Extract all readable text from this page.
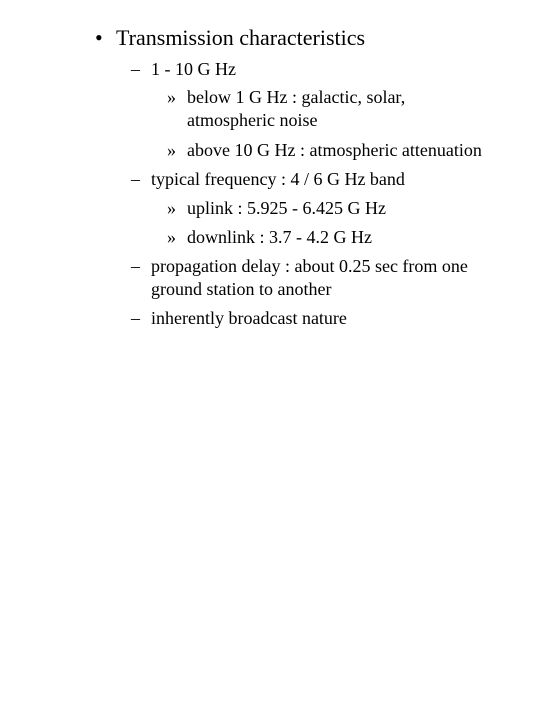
• Transmission characteristics
– 1 - 10 G Hz
» below 1 G Hz : galactic, solar,
atmospheric noise
» above 10 G Hz : atmospheric attenuation
– typical frequency : 4 / 6 G Hz band
» uplink : 5.925 - 6.425 G Hz
» downlink : 3.7 - 4.2 G Hz
– propagation delay : about 0.25 sec from one
ground station to another
– inherently broadcast nature
